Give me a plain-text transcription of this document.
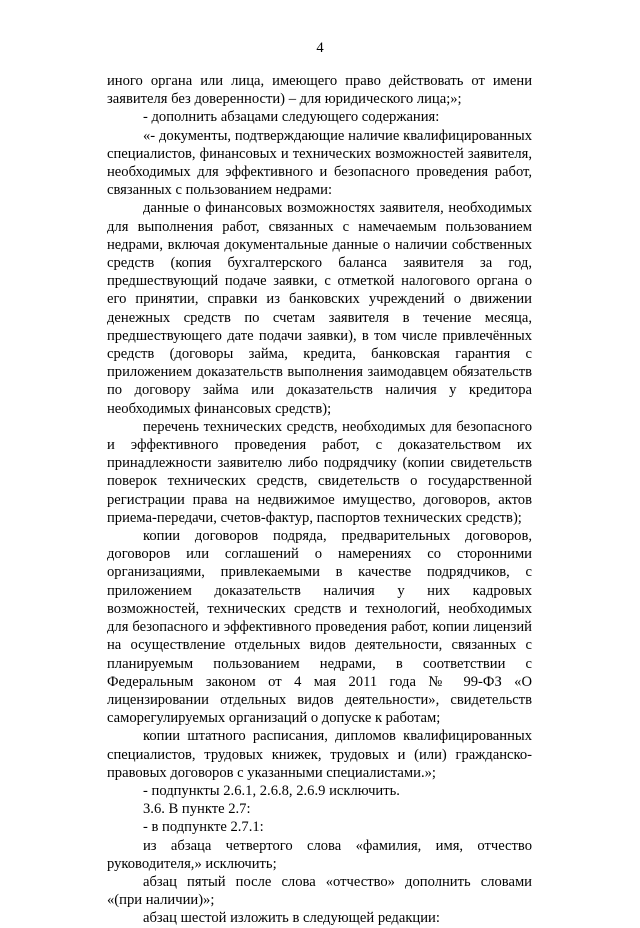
4

иного органа или лица, имеющего право действовать от имени заявителя без доверенности) – для юридического лица;»;

- дополнить абзацами следующего содержания:

«- документы, подтверждающие наличие квалифицированных специалистов, финансовых и технических возможностей заявителя, необходимых для эффективного и безопасного проведения работ, связанных с пользованием недрами:

данные о финансовых возможностях заявителя, необходимых для выполнения работ, связанных с намечаемым пользованием недрами, включая документальные данные о наличии собственных средств (копия бухгалтерского баланса заявителя за год, предшествующий подаче заявки, с отметкой налогового органа о его принятии, справки из банковских учреждений о движении денежных средств по счетам заявителя в течение месяца, предшествующего дате подачи заявки), в том числе привлечённых средств (договоры займа, кредита, банковская гарантия с приложением доказательств выполнения заимодавцем обязательств по договору займа или доказательств наличия у кредитора необходимых финансовых средств);

перечень технических средств, необходимых для безопасного и эффективного проведения работ, с доказательством их принадлежности заявителю либо подрядчику (копии свидетельств поверок технических средств, свидетельств о государственной регистрации права на недвижимое имущество, договоров, актов приема-передачи, счетов-фактур, паспортов технических средств);

копии договоров подряда, предварительных договоров, договоров или соглашений о намерениях со сторонними организациями, привлекаемыми в качестве подрядчиков, с приложением доказательств наличия у них кадровых возможностей, технических средств и технологий, необходимых для безопасного и эффективного проведения работ, копии лицензий на осуществление отдельных видов деятельности, связанных с планируемым пользованием недрами, в соответствии с Федеральным законом от 4 мая 2011 года № 99-ФЗ «О лицензировании отдельных видов деятельности», свидетельств саморегулируемых организаций о допуске к работам;

копии штатного расписания, дипломов квалифицированных специалистов, трудовых книжек, трудовых и (или) гражданско-правовых договоров с указанными специалистами.»;

- подпункты 2.6.1, 2.6.8, 2.6.9 исключить.

3.6. В пункте 2.7:

- в подпункте 2.7.1:

из абзаца четвертого слова «фамилия, имя, отчество руководителя,» исключить;

абзац пятый после слова «отчество» дополнить словами «(при наличии)»;

абзац шестой изложить в следующей редакции:
